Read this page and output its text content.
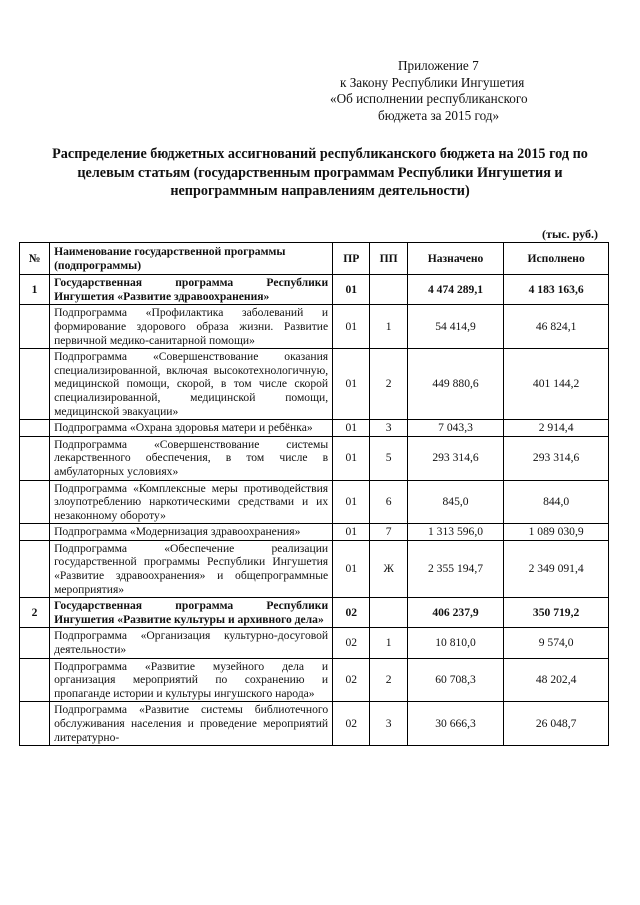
Приложение 7
к Закону Республики Ингушетия
«Об исполнении республиканского
бюджета за 2015 год»
Распределение бюджетных ассигнований республиканского бюджета на 2015 год по
целевым статьям (государственным программам Республики Ингушетия и
непрограммным направлениям деятельности)
(тыс. руб.)
№	Наименование государственной программы (подпрограммы)	ПР	ПП	Назначено	Исполнено
1	Государственная программа Республики Ингушетия «Развитие здравоохранения»	01		4 474 289,1	4 183 163,6
	Подпрограмма «Профилактика заболеваний и формирование здорового образа жизни. Развитие первичной медико-санитарной помощи»	01	1	54 414,9	46 824,1
	Подпрограмма «Совершенствование оказания специализированной, включая высокотехнологичную, медицинской помощи, скорой, в том числе скорой специализированной, медицинской помощи, медицинской эвакуации»	01	2	449 880,6	401 144,2
	Подпрограмма «Охрана здоровья матери и ребёнка»	01	3	7 043,3	2 914,4
	Подпрограмма «Совершенствование системы лекарственного обеспечения, в том числе в амбулаторных условиях»	01	5	293 314,6	293 314,6
	Подпрограмма «Комплексные меры противодействия злоупотреблению наркотическими средствами и их незаконному обороту»	01	6	845,0	844,0
	Подпрограмма «Модернизация здравоохранения»	01	7	1 313 596,0	1 089 030,9
	Подпрограмма «Обеспечение реализации государственной программы Республики Ингушетия «Развитие здравоохранения» и общепрограммные мероприятия»	01	Ж	2 355 194,7	2 349 091,4
2	Государственная программа Республики Ингушетия «Развитие культуры и архивного дела»	02		406 237,9	350 719,2
	Подпрограмма «Организация культурно-досуговой деятельности»	02	1	10 810,0	9 574,0
	Подпрограмма «Развитие музейного дела и организация мероприятий по сохранению и пропаганде истории и культуры ингушского народа»	02	2	60 708,3	48 202,4
	Подпрограмма «Развитие системы библиотечного обслуживания населения и проведение мероприятий литературно-	02	3	30 666,3	26 048,7
